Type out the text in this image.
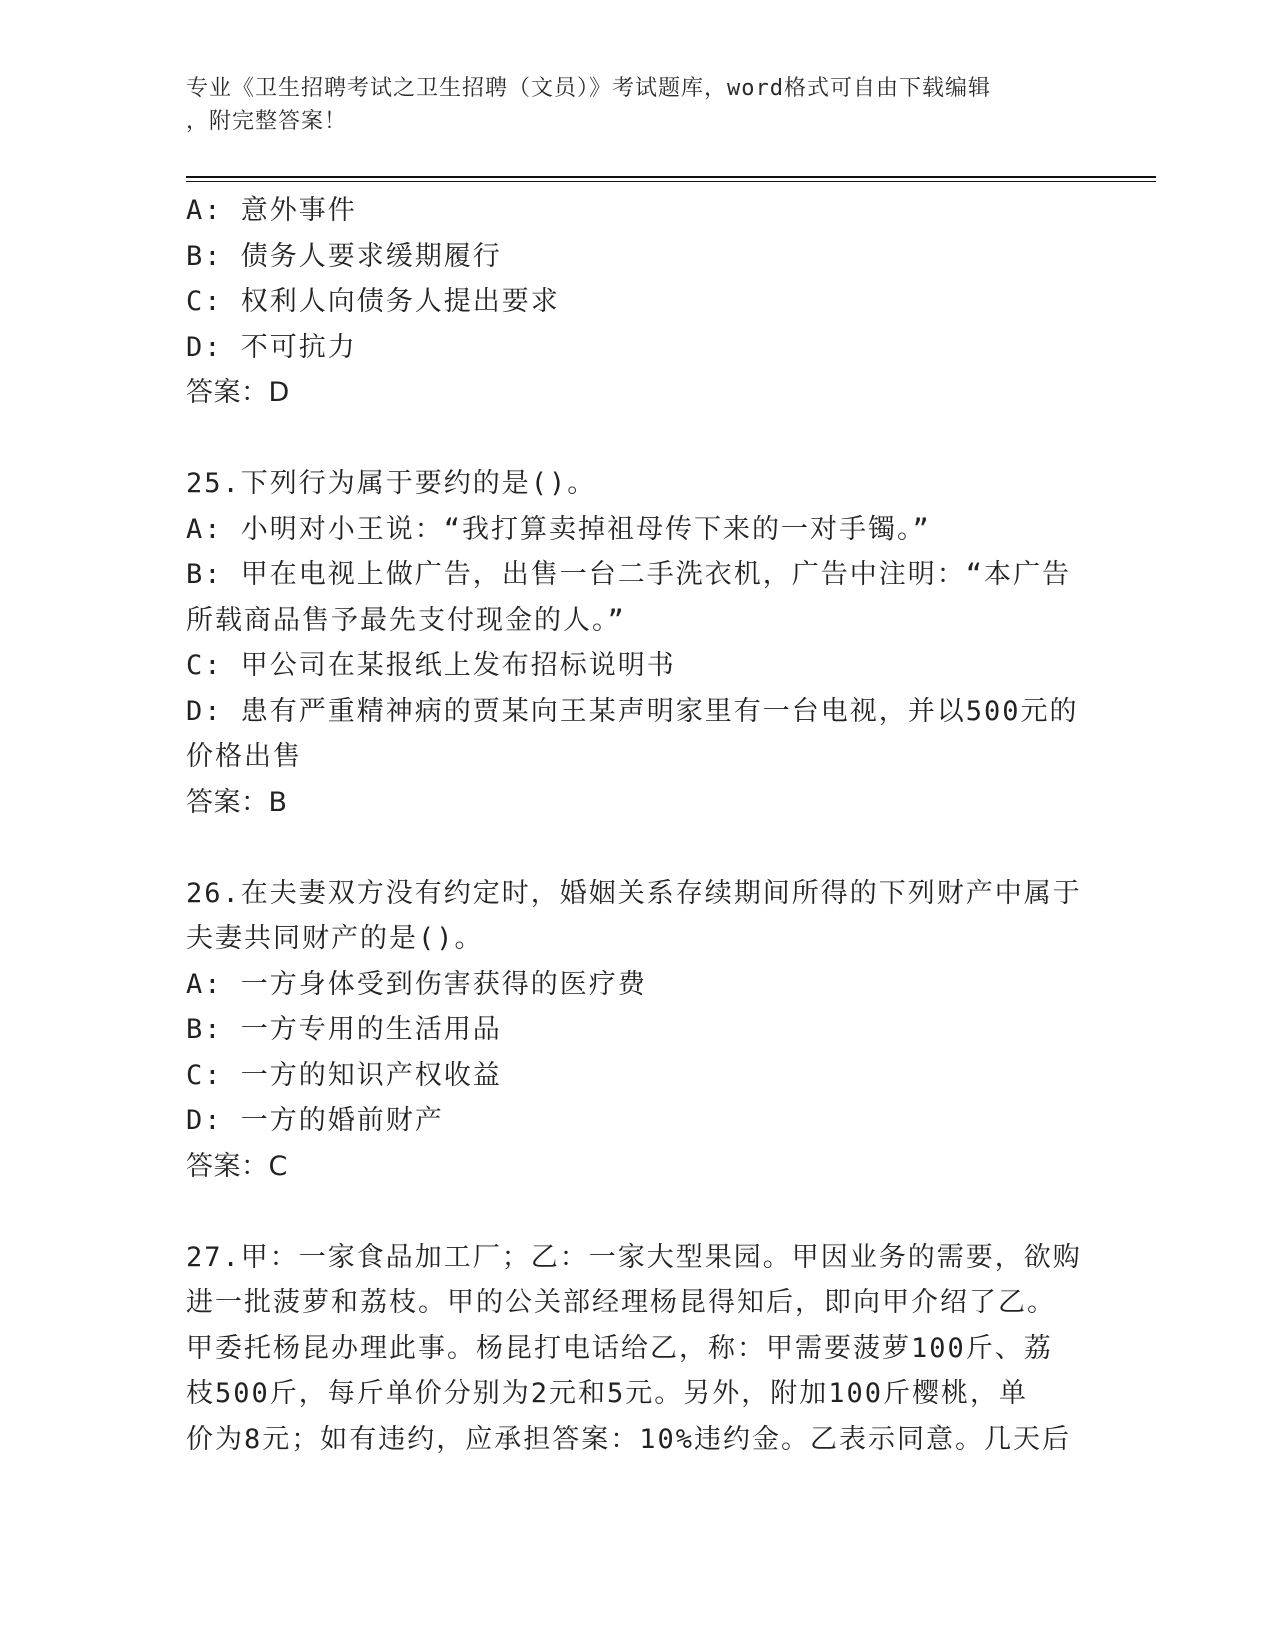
专业《卫生招聘考试之卫生招聘（文员）》考试题库，word格式可自由下载编辑
，附完整答案！

A: 意外事件

B: 债务人要求缓期履行

C: 权利人向债务人提出要求

D: 不可抗力

答案：D

25.下列行为属于要约的是()。

A: 小明对小王说：“我打算卖掉祖母传下来的一对手镯。”

B: 甲在电视上做广告，出售一台二手洗衣机，广告中注明：“本广告

所载商品售予最先支付现金的人。”

C: 甲公司在某报纸上发布招标说明书

D: 患有严重精神病的贾某向王某声明家里有一台电视，并以500元的

价格出售

答案：B

26.在夫妻双方没有约定时，婚姻关系存续期间所得的下列财产中属于

夫妻共同财产的是()。

A: 一方身体受到伤害获得的医疗费

B: 一方专用的生活用品

C: 一方的知识产权收益

D: 一方的婚前财产

答案：C

27.甲：一家食品加工厂；乙：一家大型果园。甲因业务的需要，欲购

进一批菠萝和荔枝。甲的公关部经理杨昆得知后，即向甲介绍了乙。

甲委托杨昆办理此事。杨昆打电话给乙，称：甲需要菠萝100斤、荔

枝500斤，每斤单价分别为2元和5元。另外，附加100斤樱桃，单

价为8元；如有违约，应承担答案：10%违约金。乙表示同意。几天后
